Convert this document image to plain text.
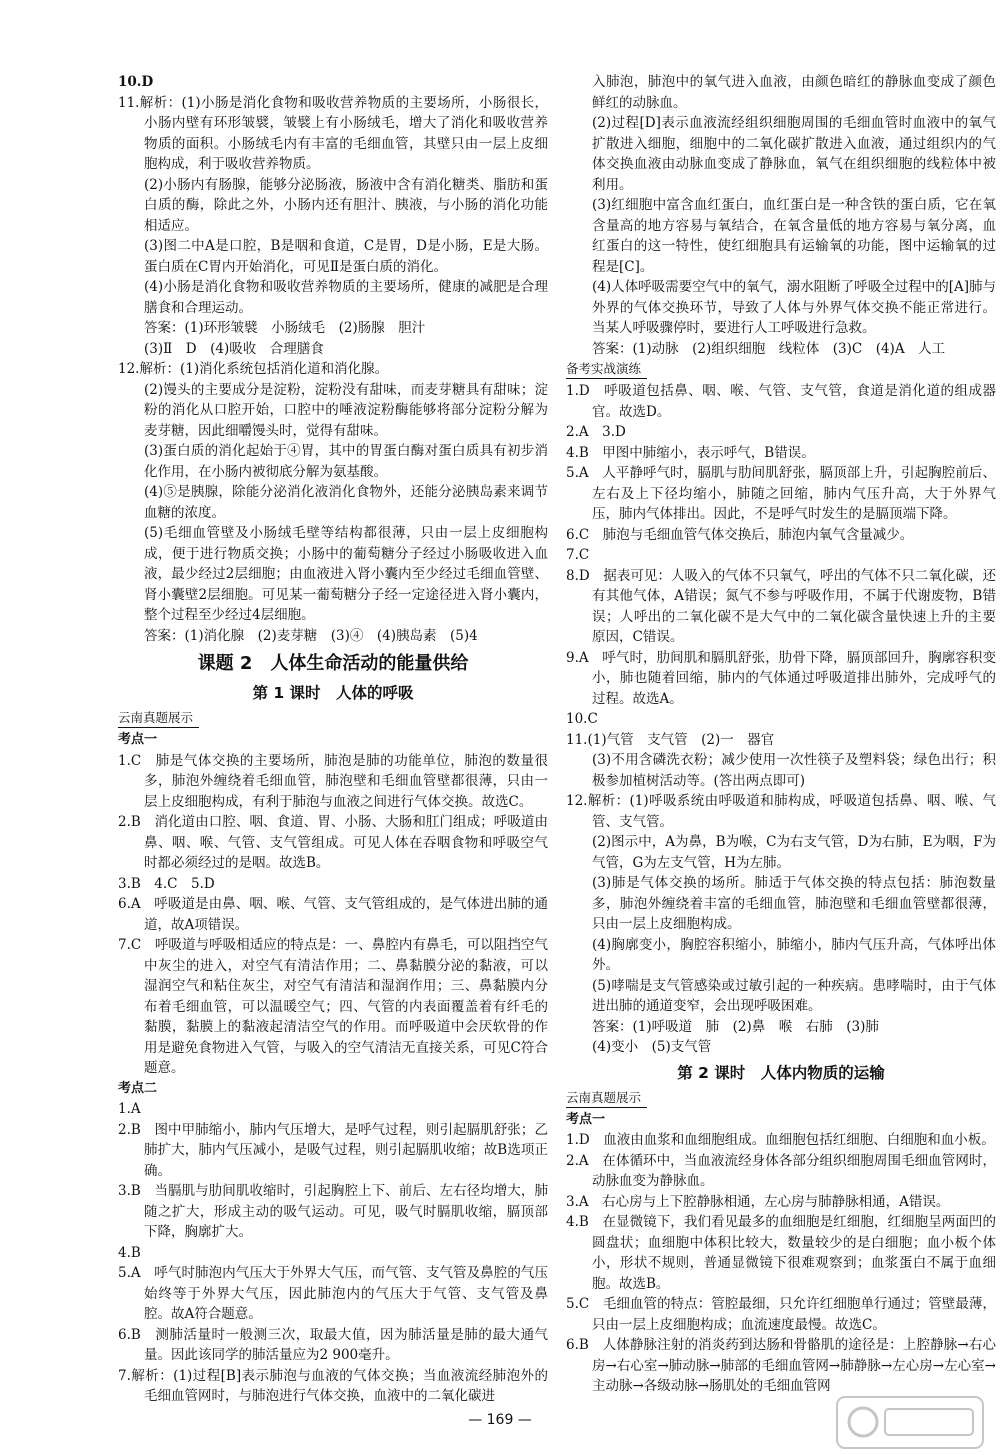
10.D

11.解析：(1)小肠是消化食物和吸收营养物质的主要场所，小肠很长，小肠内壁有环形皱襞，皱襞上有小肠绒毛，增大了消化和吸收营养物质的面积。小肠绒毛内有丰富的毛细血管，其壁只由一层上皮细胞构成，利于吸收营养物质。

(2)小肠内有肠腺，能够分泌肠液，肠液中含有消化糖类、脂肪和蛋白质的酶，除此之外，小肠内还有胆汁、胰液，与小肠的消化功能相适应。

(3)图二中A是口腔，B是咽和食道，C是胃，D是小肠，E是大肠。蛋白质在C胃内开始消化，可见Ⅱ是蛋白质的消化。

(4)小肠是消化食物和吸收营养物质的主要场所，健康的减肥是合理膳食和合理运动。

答案：(1)环形皱襞　小肠绒毛　(2)肠腺　胆汁

(3)Ⅱ　D　(4)吸收　合理膳食

12.解析：(1)消化系统包括消化道和消化腺。

(2)馒头的主要成分是淀粉，淀粉没有甜味，而麦芽糖具有甜味；淀粉的消化从口腔开始，口腔中的唾液淀粉酶能够将部分淀粉分解为麦芽糖，因此细嚼馒头时，觉得有甜味。

(3)蛋白质的消化起始于④胃，其中的胃蛋白酶对蛋白质具有初步消化作用，在小肠内被彻底分解为氨基酸。

(4)⑤是胰腺，除能分泌消化液消化食物外，还能分泌胰岛素来调节血糖的浓度。

(5)毛细血管壁及小肠绒毛壁等结构都很薄，只由一层上皮细胞构成，便于进行物质交换；小肠中的葡萄糖分子经过小肠吸收进入血液，最少经过2层细胞；由血液进入肾小囊内至少经过毛细血管壁、肾小囊壁2层细胞。可见某一葡萄糖分子经一定途径进入肾小囊内，整个过程至少经过4层细胞。

答案：(1)消化腺　(2)麦芽糖　(3)④　(4)胰岛素　(5)4

课题 2　人体生命活动的能量供给
第 1 课时　人体的呼吸
云南真题展示

考点一

1.C　肺是气体交换的主要场所，肺泡是肺的功能单位，肺泡的数量很多，肺泡外缠绕着毛细血管，肺泡壁和毛细血管壁都很薄，只由一层上皮细胞构成，有利于肺泡与血液之间进行气体交换。故选C。

2.B　消化道由口腔、咽、食道、胃、小肠、大肠和肛门组成；呼吸道由鼻、咽、喉、气管、支气管组成。可见人体在吞咽食物和呼吸空气时都必须经过的是咽。故选B。

3.B　4.C　5.D

6.A　呼吸道是由鼻、咽、喉、气管、支气管组成的，是气体进出肺的通道，故A项错误。

7.C　呼吸道与呼吸相适应的特点是：一、鼻腔内有鼻毛，可以阻挡空气中灰尘的进入，对空气有清洁作用；二、鼻黏膜分泌的黏液，可以湿润空气和粘住灰尘，对空气有清洁和湿润作用；三、鼻黏膜内分布着毛细血管，可以温暖空气；四、气管的内表面覆盖着有纤毛的黏膜，黏膜上的黏液起清洁空气的作用。而呼吸道中会厌软骨的作用是避免食物进入气管，与吸入的空气清洁无直接关系，可见C符合题意。

考点二

1.A

2.B　图中甲肺缩小，肺内气压增大，是呼气过程，则引起膈肌舒张；乙肺扩大，肺内气压减小，是吸气过程，则引起膈肌收缩；故B选项正确。

3.B　当膈肌与肋间肌收缩时，引起胸腔上下、前后、左右径均增大，肺随之扩大，形成主动的吸气运动。可见，吸气时膈肌收缩，膈顶部下降，胸廓扩大。

4.B

5.A　呼气时肺泡内气压大于外界大气压，而气管、支气管及鼻腔的气压始终等于外界大气压，因此肺泡内的气压大于气管、支气管及鼻腔。故A符合题意。

6.B　测肺活量时一般测三次，取最大值，因为肺活量是肺的最大通气量。因此该同学的肺活量应为2 900毫升。

7.解析：(1)过程[B]表示肺泡与血液的气体交换；当血液流经肺泡外的毛细血管网时，与肺泡进行气体交换，血液中的二氧化碳进

入肺泡，肺泡中的氧气进入血液，由颜色暗红的静脉血变成了颜色鲜红的动脉血。

(2)过程[D]表示血液流经组织细胞周围的毛细血管时血液中的氧气扩散进入细胞，细胞中的二氧化碳扩散进入血液，通过组织内的气体交换血液由动脉血变成了静脉血，氧气在组织细胞的线粒体中被利用。

(3)红细胞中富含血红蛋白，血红蛋白是一种含铁的蛋白质，它在氧含量高的地方容易与氧结合，在氧含量低的地方容易与氧分离，血红蛋白的这一特性，使红细胞具有运输氧的功能，图中运输氧的过程是[C]。

(4)人体呼吸需要空气中的氧气，溺水阻断了呼吸全过程中的[A]肺与外界的气体交换环节，导致了人体与外界气体交换不能正常进行。当某人呼吸骤停时，要进行人工呼吸进行急救。

答案：(1)动脉　(2)组织细胞　线粒体　(3)C　(4)A　人工

备考实战演练

1.D　呼吸道包括鼻、咽、喉、气管、支气管，食道是消化道的组成器官。故选D。

2.A　3.D

4.B　甲图中肺缩小，表示呼气，B错误。

5.A　人平静呼气时，膈肌与肋间肌舒张，膈顶部上升，引起胸腔前后、左右及上下径均缩小，肺随之回缩，肺内气压升高，大于外界气压，肺内气体排出。因此，不是呼气时发生的是膈顶端下降。

6.C　肺泡与毛细血管气体交换后，肺泡内氧气含量减少。

7.C

8.D　据表可见：人吸入的气体不只氧气，呼出的气体不只二氧化碳，还有其他气体，A错误；氮气不参与呼吸作用，不属于代谢废物，B错误；人呼出的二氧化碳不是大气中的二氧化碳含量快速上升的主要原因，C错误。

9.A　呼气时，肋间肌和膈肌舒张，肋骨下降，膈顶部回升，胸廓容积变小，肺也随着回缩，肺内的气体通过呼吸道排出肺外，完成呼气的过程。故选A。

10.C

11.(1)气管　支气管　(2)一　器官

(3)不用含磷洗衣粉；减少使用一次性筷子及塑料袋；绿色出行；积极参加植树活动等。(答出两点即可)

12.解析：(1)呼吸系统由呼吸道和肺构成，呼吸道包括鼻、咽、喉、气管、支气管。

(2)图示中，A为鼻，B为喉，C为右支气管，D为右肺，E为咽，F为气管，G为左支气管，H为左肺。

(3)肺是气体交换的场所。肺适于气体交换的特点包括：肺泡数量多，肺泡外缠绕着丰富的毛细血管，肺泡壁和毛细血管壁都很薄，只由一层上皮细胞构成。

(4)胸廓变小，胸腔容积缩小，肺缩小，肺内气压升高，气体呼出体外。

(5)哮喘是支气管感染或过敏引起的一种疾病。患哮喘时，由于气体进出肺的通道变窄，会出现呼吸困难。

答案：(1)呼吸道　肺　(2)鼻　喉　右肺　(3)肺

(4)变小　(5)支气管

第 2 课时　人体内物质的运输
云南真题展示

考点一

1.D　血液由血浆和血细胞组成。血细胞包括红细胞、白细胞和血小板。

2.A　在体循环中，当血液流经身体各部分组织细胞周围毛细血管网时，动脉血变为静脉血。

3.A　右心房与上下腔静脉相通，左心房与肺静脉相通，A错误。

4.B　在显微镜下，我们看见最多的血细胞是红细胞，红细胞呈两面凹的圆盘状；血细胞中体积比较大，数量较少的是白细胞；血小板个体小，形状不规则，普通显微镜下很难观察到；血浆蛋白不属于血细胞。故选B。

5.C　毛细血管的特点：管腔最细，只允许红细胞单行通过；管壁最薄，只由一层上皮细胞构成；血流速度最慢。故选C。

6.B　人体静脉注射的消炎药到达肠和骨骼肌的途径是：上腔静脉→右心房→右心室→肺动脉→肺部的毛细血管网→肺静脉→左心房→左心室→主动脉→各级动脉→肠肌处的毛细血管网

— 169 —
